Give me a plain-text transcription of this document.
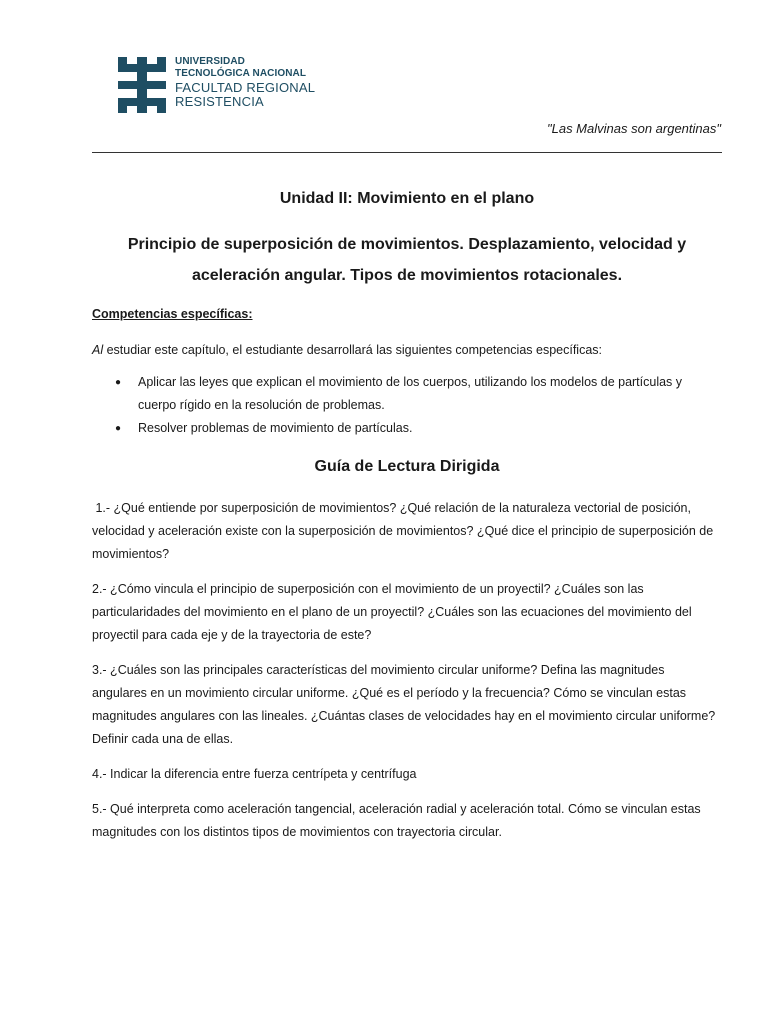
UNIVERSIDAD
TECNOLÓGICA NACIONAL
FACULTAD REGIONAL
RESISTENCIA
"Las Malvinas son argentinas"
Unidad II: Movimiento en el plano
Principio de superposición de movimientos. Desplazamiento, velocidad y aceleración angular. Tipos de movimientos rotacionales.
Competencias específicas:

Al estudiar este capítulo, el estudiante desarrollará las siguientes competencias específicas:

● Aplicar las leyes que explican el movimiento de los cuerpos, utilizando los modelos de partículas y cuerpo rígido en la resolución de problemas.
● Resolver problemas de movimiento de partículas.
Guía de Lectura Dirigida

1.- ¿Qué entiende por superposición de movimientos? ¿Qué relación de la naturaleza vectorial de posición, velocidad y aceleración existe con la superposición de movimientos? ¿Qué dice el principio de superposición de movimientos?

2.- ¿Cómo vincula el principio de superposición con el movimiento de un proyectil? ¿Cuáles son las particularidades del movimiento en el plano de un proyectil? ¿Cuáles son las ecuaciones del movimiento del proyectil para cada eje y de la trayectoria de este?

3.- ¿Cuáles son las principales características del movimiento circular uniforme? Defina las magnitudes angulares en un movimiento circular uniforme. ¿Qué es el período y la frecuencia? Cómo se vinculan estas magnitudes angulares con las lineales. ¿Cuántas clases de velocidades hay en el movimiento circular uniforme? Definir cada una de ellas.

4.- Indicar la diferencia entre fuerza centrípeta y centrífuga

5.- Qué interpreta como aceleración tangencial, aceleración radial y aceleración total. Cómo se vinculan estas magnitudes con los distintos tipos de movimientos con trayectoria circular.
